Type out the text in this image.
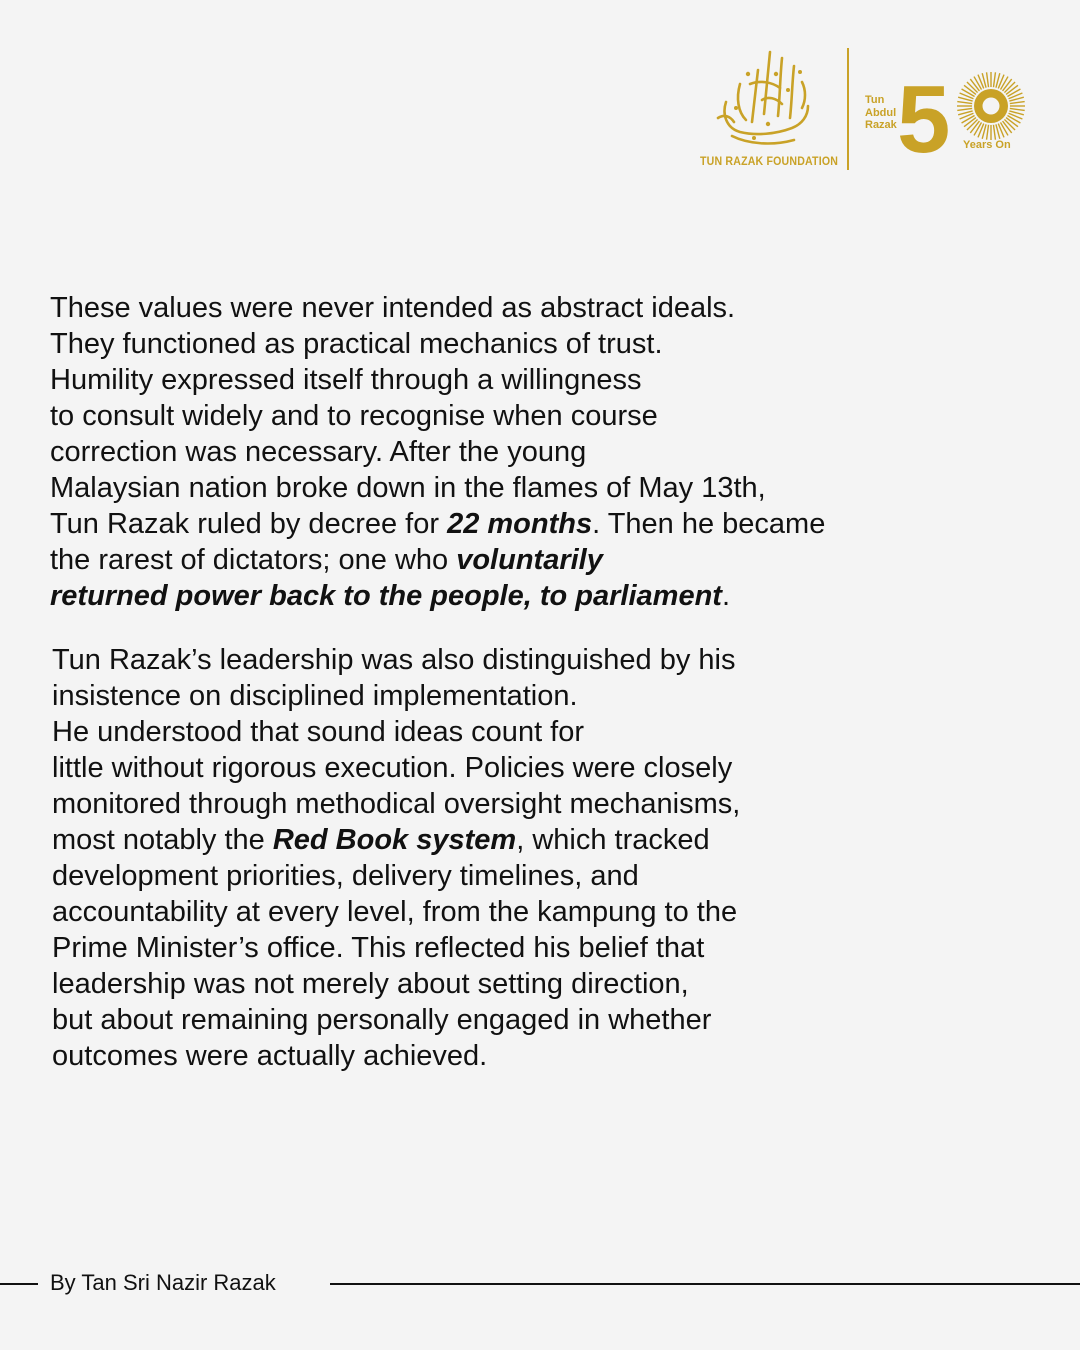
TUN RAZAK FOUNDATION
Tun
Abdul
Razak 5 Years On
These values were never intended as abstract ideals.
They functioned as practical mechanics of trust.
Humility expressed itself through a willingness
to consult widely and to recognise when course
correction was necessary. After the young
Malaysian nation broke down in the flames of May 13th,
Tun Razak ruled by decree for 22 months. Then he became
the rarest of dictators; one who voluntarily
returned power back to the people, to parliament.
Tun Razak’s leadership was also distinguished by his
insistence on disciplined implementation.
He understood that sound ideas count for
little without rigorous execution. Policies were closely
monitored through methodical oversight mechanisms,
most notably the Red Book system, which tracked
development priorities, delivery timelines, and
accountability at every level, from the kampung to the
Prime Minister’s office. This reflected his belief that
leadership was not merely about setting direction,
but about remaining personally engaged in whether
outcomes were actually achieved.
By Tan Sri Nazir Razak
